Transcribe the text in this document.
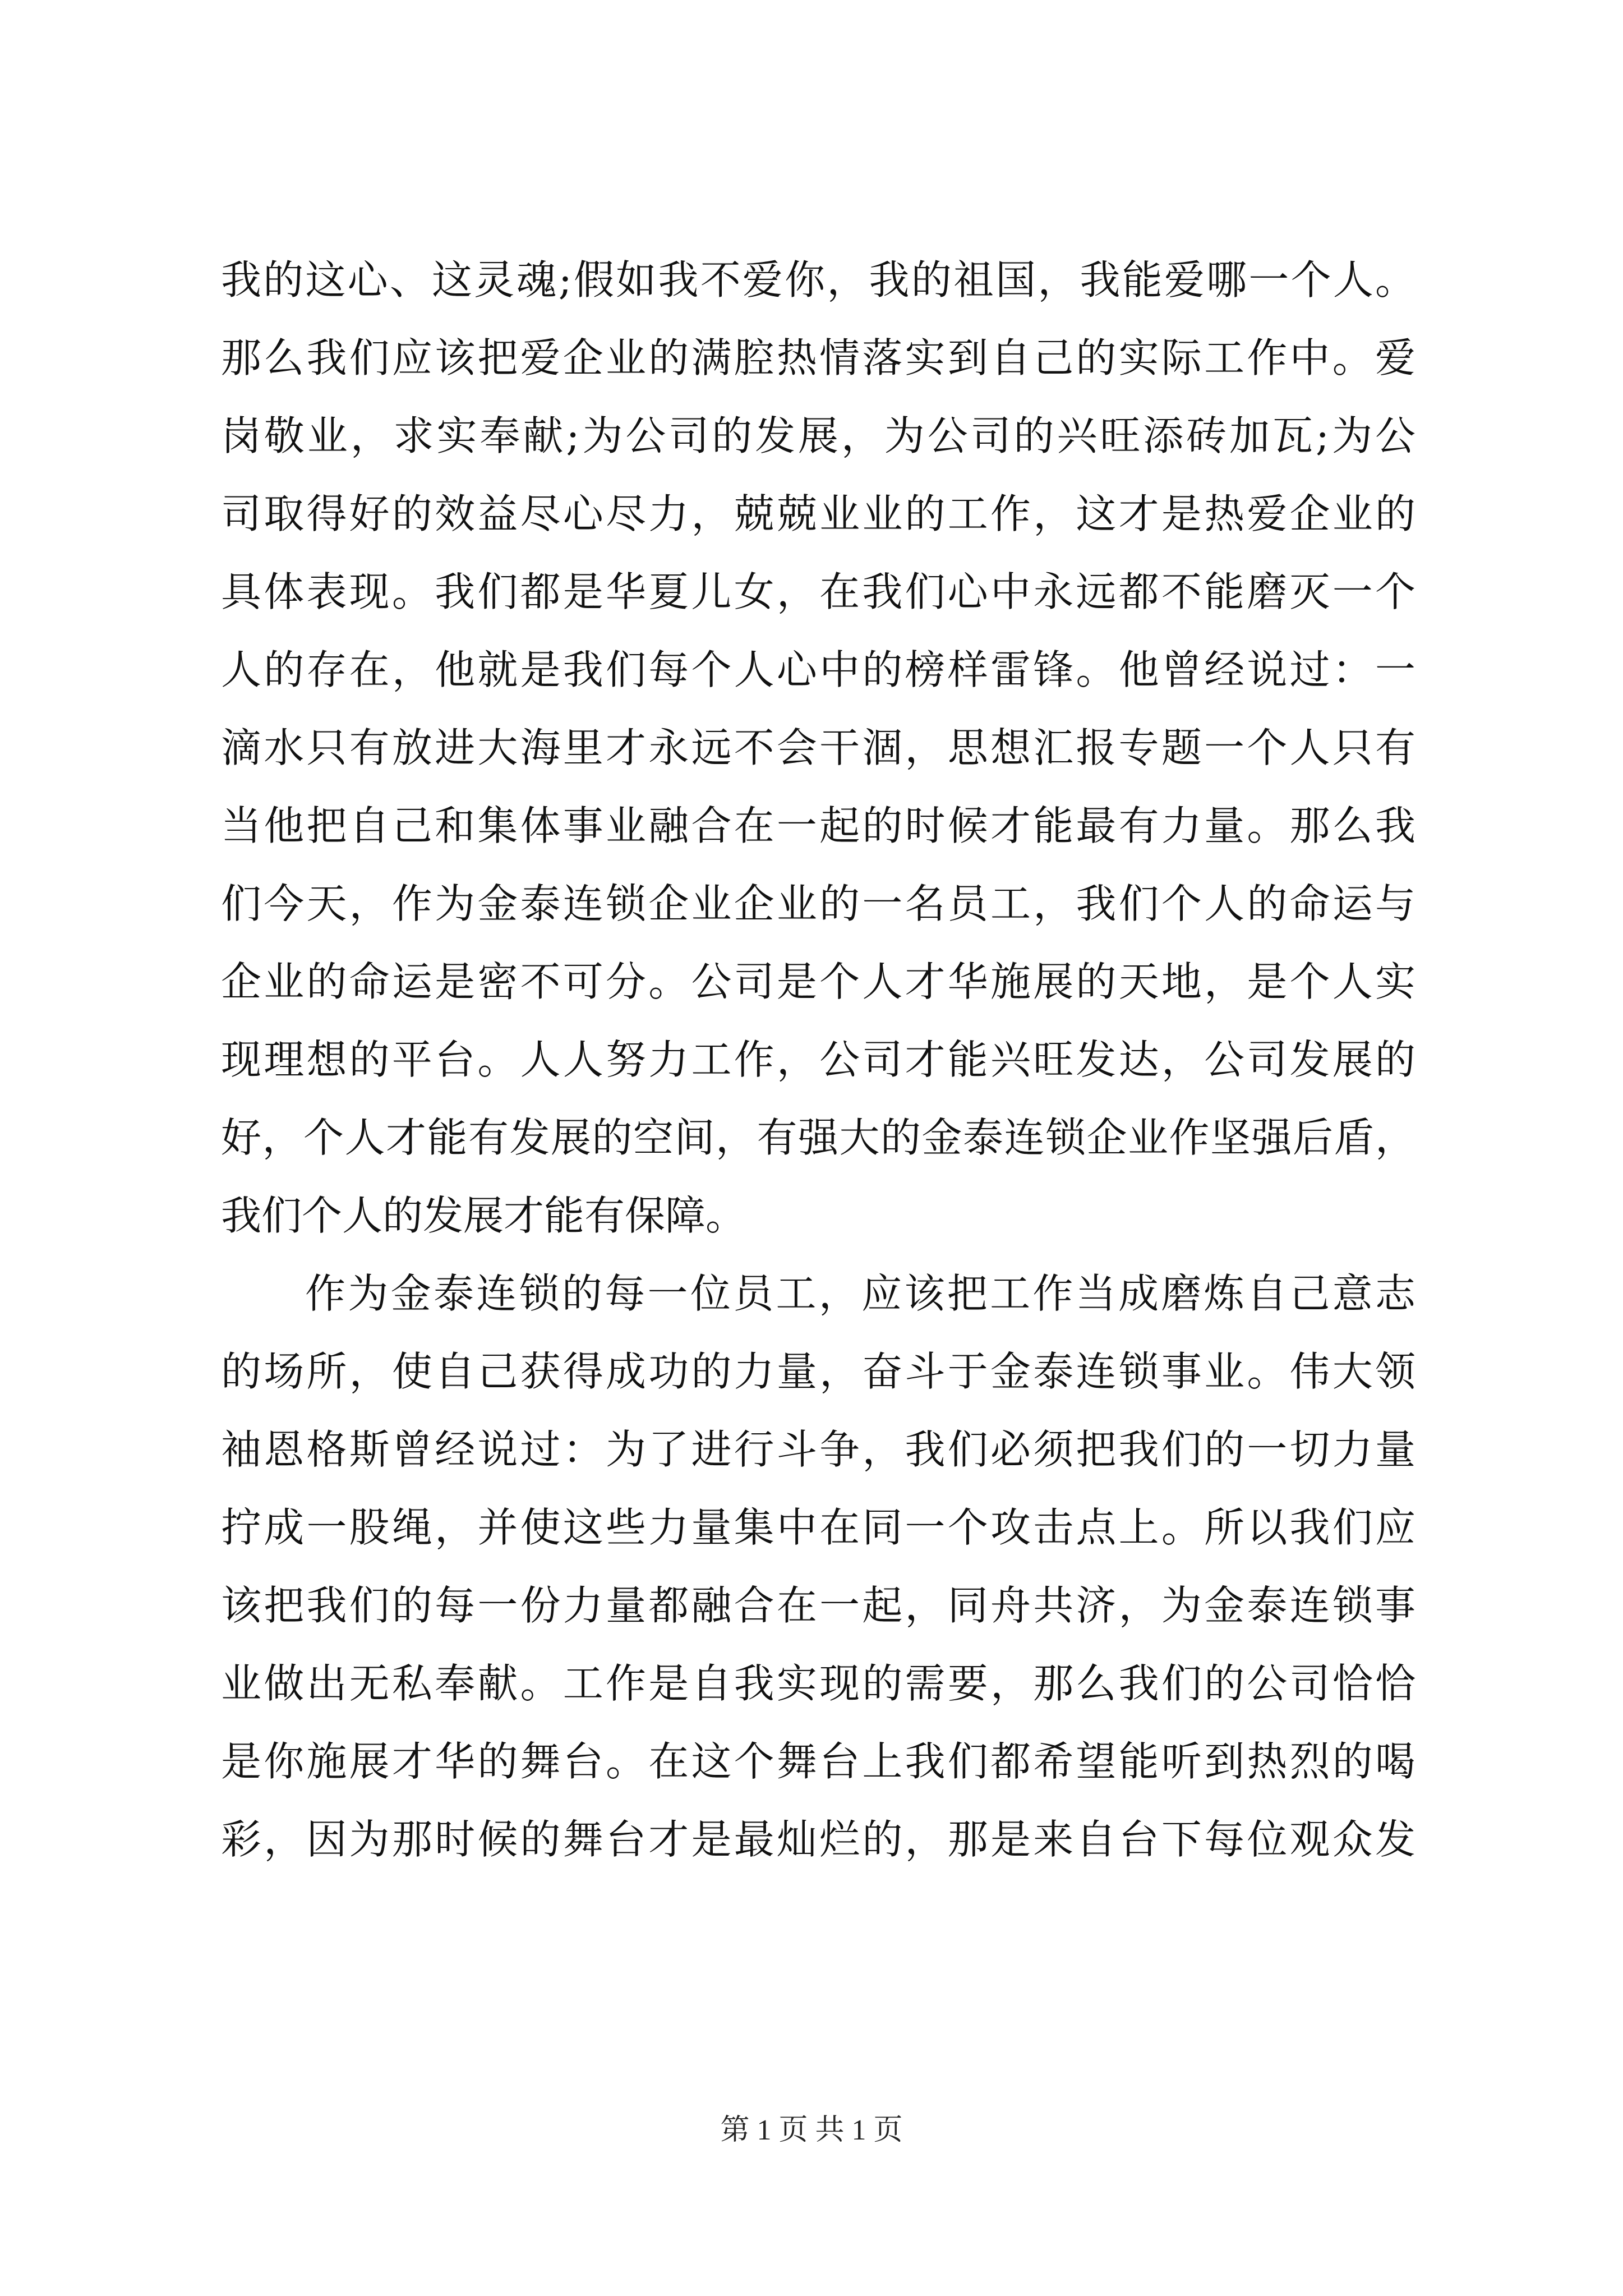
我的这心、这灵魂;假如我不爱你，我的祖国，我能爱哪一个人。
那么我们应该把爱企业的满腔热情落实到自己的实际工作中。爱
岗敬业，求实奉献;为公司的发展，为公司的兴旺添砖加瓦;为公
司取得好的效益尽心尽力，兢兢业业的工作，这才是热爱企业的
具体表现。我们都是华夏儿女，在我们心中永远都不能磨灭一个
人的存在，他就是我们每个人心中的榜样雷锋。他曾经说过：一
滴水只有放进大海里才永远不会干涸，思想汇报专题一个人只有
当他把自己和集体事业融合在一起的时候才能最有力量。那么我
们今天，作为金泰连锁企业企业的一名员工，我们个人的命运与
企业的命运是密不可分。公司是个人才华施展的天地，是个人实
现理想的平台。人人努力工作，公司才能兴旺发达，公司发展的
好，个人才能有发展的空间，有强大的金泰连锁企业作坚强后盾，
我们个人的发展才能有保障。
作为金泰连锁的每一位员工，应该把工作当成磨炼自己意志
的场所，使自己获得成功的力量，奋斗于金泰连锁事业。伟大领
袖恩格斯曾经说过：为了进行斗争，我们必须把我们的一切力量
拧成一股绳，并使这些力量集中在同一个攻击点上。所以我们应
该把我们的每一份力量都融合在一起，同舟共济，为金泰连锁事
业做出无私奉献。工作是自我实现的需要，那么我们的公司恰恰
是你施展才华的舞台。在这个舞台上我们都希望能听到热烈的喝
彩，因为那时候的舞台才是最灿烂的，那是来自台下每位观众发
第 1 页 共 1 页
